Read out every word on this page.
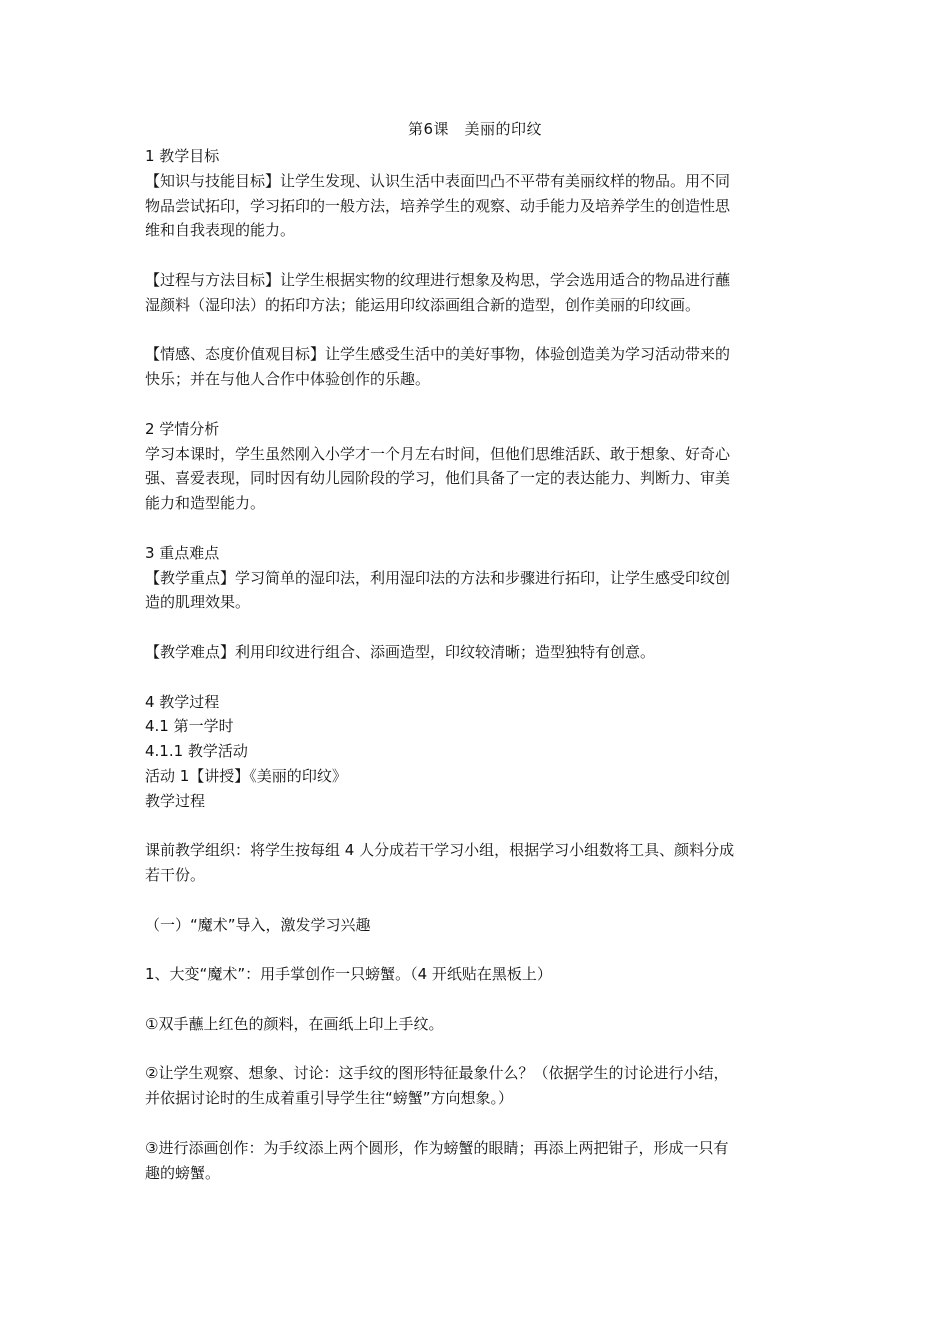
第6课　美丽的印纹
1 教学目标
【知识与技能目标】让学生发现、认识生活中表面凹凸不平带有美丽纹样的物品。用不同
物品尝试拓印，学习拓印的一般方法，培养学生的观察、动手能力及培养学生的创造性思
维和自我表现的能力。
【过程与方法目标】让学生根据实物的纹理进行想象及构思，学会选用适合的物品进行蘸
湿颜料（湿印法）的拓印方法；能运用印纹添画组合新的造型，创作美丽的印纹画。
【情感、态度价值观目标】让学生感受生活中的美好事物，体验创造美为学习活动带来的
快乐；并在与他人合作中体验创作的乐趣。
2 学情分析
学习本课时，学生虽然刚入小学才一个月左右时间，但他们思维活跃、敢于想象、好奇心
强、喜爱表现，同时因有幼儿园阶段的学习，他们具备了一定的表达能力、判断力、审美
能力和造型能力。
3 重点难点
【教学重点】学习简单的湿印法，利用湿印法的方法和步骤进行拓印，让学生感受印纹创
造的肌理效果。
【教学难点】利用印纹进行组合、添画造型，印纹较清晰；造型独特有创意。
4 教学过程
4.1 第一学时
4.1.1 教学活动
活动 1【讲授】《美丽的印纹》
教学过程
课前教学组织：将学生按每组 4 人分成若干学习小组，根据学习小组数将工具、颜料分成
若干份。
（一）“魔术”导入，激发学习兴趣
1、大变“魔术”：用手掌创作一只螃蟹。（4 开纸贴在黑板上）
①双手蘸上红色的颜料，在画纸上印上手纹。
②让学生观察、想象、讨论：这手纹的图形特征最象什么？（依据学生的讨论进行小结，
并依据讨论时的生成着重引导学生往“螃蟹”方向想象。）
③进行添画创作：为手纹添上两个圆形，作为螃蟹的眼睛；再添上两把钳子，形成一只有
趣的螃蟹。
